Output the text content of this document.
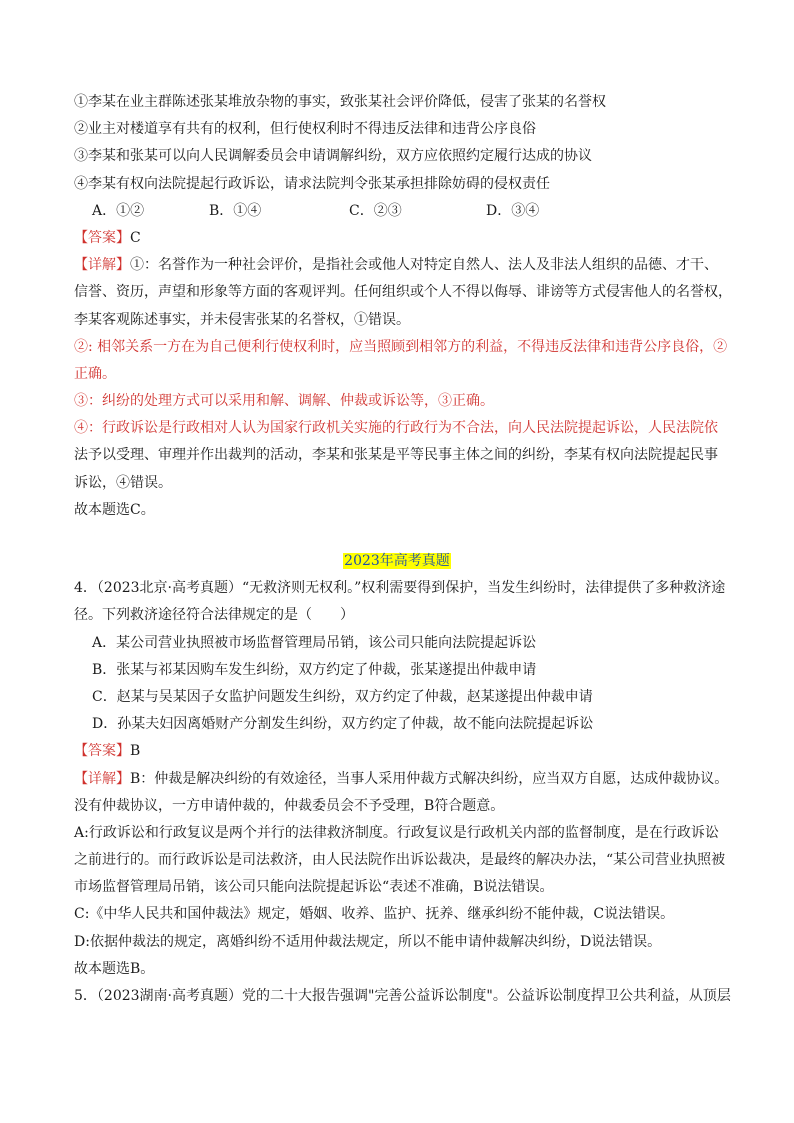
①李某在业主群陈述张某堆放杂物的事实，致张某社会评价降低，侵害了张某的名誉权
②业主对楼道享有共有的权利，但行使权利时不得违反法律和违背公序良俗
③李某和张某可以向人民调解委员会申请调解纠纷，双方应依照约定履行达成的协议
④李某有权向法院提起行政诉讼，请求法院判令张某承担排除妨碍的侵权责任
A．①②	B．①④	C．②③	D．③④
【答案】C
【详解】①：名誉作为一种社会评价，是指社会或他人对特定自然人、法人及非法人组织的品德、才干、
信誉、资历，声望和形象等方面的客观评判。任何组织或个人不得以侮辱、诽谤等方式侵害他人的名誉权，
李某客观陈述事实，并未侵害张某的名誉权，①错误。
②: 相邻关系一方在为自己便利行使权利时，应当照顾到相邻方的利益，不得违反法律和违背公序良俗，②
正确。
③：纠纷的处理方式可以采用和解、调解、仲裁或诉讼等，③正确。
④：行政诉讼是行政相对人认为国家行政机关实施的行政行为不合法，向人民法院提起诉讼，人民法院依
法予以受理、审理并作出裁判的活动，李某和张某是平等民事主体之间的纠纷，李某有权向法院提起民事
诉讼，④错误。
故本题选C。
2023年高考真题
4．（2023北京·高考真题）“无救济则无权利。”权利需要得到保护，当发生纠纷时，法律提供了多种救济途
径。下列救济途径符合法律规定的是（　　）
A．某公司营业执照被市场监督管理局吊销，该公司只能向法院提起诉讼
B．张某与祁某因购车发生纠纷，双方约定了仲裁，张某遂提出仲裁申请
C．赵某与吴某因子女监护问题发生纠纷，双方约定了仲裁，赵某遂提出仲裁申请
D．孙某夫妇因离婚财产分割发生纠纷，双方约定了仲裁，故不能向法院提起诉讼
【答案】B
【详解】B：仲裁是解决纠纷的有效途径，当事人采用仲裁方式解决纠纷，应当双方自愿，达成仲裁协议。
没有仲裁协议，一方申请仲裁的，仲裁委员会不予受理，B符合题意。
A:行政诉讼和行政复议是两个并行的法律救济制度。行政复议是行政机关内部的监督制度，是在行政诉讼
之前进行的。而行政诉讼是司法救济，由人民法院作出诉讼裁决，是最终的解决办法，“某公司营业执照被
市场监督管理局吊销，该公司只能向法院提起诉讼“表述不准确，B说法错误。
C:《中华人民共和国仲裁法》规定，婚姻、收养、监护、抚养、继承纠纷不能仲裁，C说法错误。
D:依据仲裁法的规定，离婚纠纷不适用仲裁法规定，所以不能申请仲裁解决纠纷，D说法错误。
故本题选B。
5．（2023湖南·高考真题）党的二十大报告强调"完善公益诉讼制度"。公益诉讼制度捍卫公共利益，从顶层
